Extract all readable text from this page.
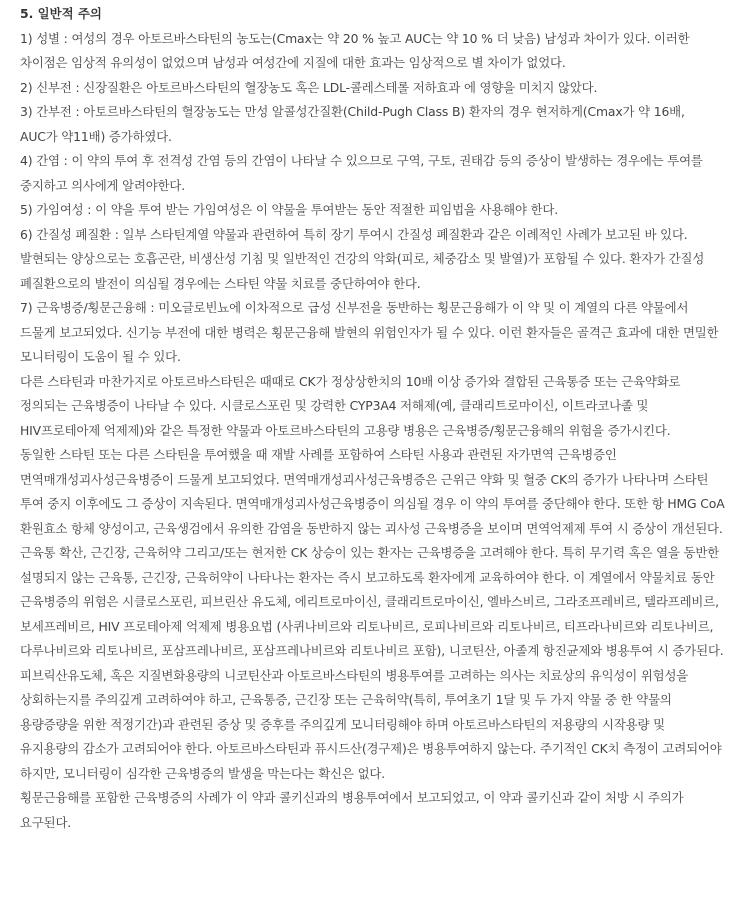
5. 일반적 주의

1) 성별 : 여성의 경우 아토르바스타틴의 농도는(Cmax는 약 20 % 높고 AUC는 약 10 % 더 낮음) 남성과 차이가 있다. 이러한 차이점은 임상적 유의성이 없었으며 남성과 여성간에 지질에 대한 효과는 임상적으로 별 차이가 없었다.

2) 신부전 : 신장질환은 아토르바스타틴의 혈장농도 혹은 LDL-콜레스테롤 저하효과 에 영향을 미치지 않았다.

3) 간부전 : 아토르바스타틴의 혈장농도는 만성 알콜성간질환(Child-Pugh Class B) 환자의 경우 현저하게(Cmax가 약 16배, AUC가 약11배) 증가하였다.

4) 간염 : 이 약의 투여 후 전격성 간염 등의 간염이 나타날 수 있으므로 구역, 구토, 권태감 등의 증상이 발생하는 경우에는 투여를 중지하고 의사에게 알려야한다.

5) 가임여성 : 이 약을 투여 받는 가임여성은 이 약물을 투여받는 동안 적절한 피임법을 사용해야 한다.

6) 간질성 폐질환 : 일부 스타틴계열 약물과 관련하여 특히 장기 투여시 간질성 폐질환과 같은 이례적인 사례가 보고된 바 있다. 발현되는 양상으로는 호흡곤란, 비생산성 기침 및 일반적인 건강의 악화(피로, 체중감소 및 발열)가 포함될 수 있다. 환자가 간질성 폐질환으로의 발전이 의심될 경우에는 스타틴 약물 치료를 중단하여야 한다.

7) 근육병증/횡문근융해 : 미오글로빈뇨에 이차적으로 급성 신부전을 동반하는 횡문근융해가 이 약 및 이 계열의 다른 약물에서 드물게 보고되었다. 신기능 부전에 대한 병력은 횡문근융해 발현의 위험인자가 될 수 있다. 이런 환자들은 골격근 효과에 대한 면밀한 모니터링이 도움이 될 수 있다.

다른 스타틴과 마찬가지로 아토르바스타틴은 때때로 CK가 정상상한치의 10배 이상 증가와 결합된 근육통증 또는 근육약화로 정의되는 근육병증이 나타날 수 있다. 시클로스포린 및 강력한 CYP3A4 저해제(예, 클래리트로마이신, 이트라코나졸 및 HIV프로테아제 억제제)와 같은 특정한 약물과 아토르바스타틴의 고용량 병용은 근육병증/횡문근융해의 위험을 증가시킨다.

동일한 스타틴 또는 다른 스타틴을 투여했을 때 재발 사례를 포함하여 스타틴 사용과 관련된 자가면역 근육병증인 면역매개성괴사성근육병증이 드물게 보고되었다. 면역매개성괴사성근육병증은 근위근 약화 및 혈중 CK의 증가가 나타나며 스타틴 투여 중지 이후에도 그 증상이 지속된다. 면역매개성괴사성근육병증이 의심될 경우 이 약의 투여를 중단해야 한다. 또한 항 HMG CoA 환원효소 항체 양성이고, 근육생검에서 유의한 감염을 동반하지 않는 괴사성 근육병증을 보이며 면역억제제 투여 시 증상이 개선된다.

근육통 확산, 근긴장, 근육허약 그리고/또는 현저한 CK 상승이 있는 환자는 근육병증을 고려해야 한다. 특히 무기력 혹은 열을 동반한 설명되지 않는 근육통, 근긴장, 근육허약이 나타나는 환자는 즉시 보고하도록 환자에게 교육하여야 한다. 이 계열에서 약물치료 동안 근육병증의 위험은 시클로스포린, 피브린산 유도체, 에리트로마이신, 클래리트로마이신, 엘바스비르, 그라조프레비르, 텔라프레비르, 보세프레비르, HIV 프로테아제 억제제 병용요법 (사퀴나비르와 리토나비르, 로피나비르와 리토나비르, 티프라나비르와 리토나비르, 다루나비르와 리토나비르, 포삼프레나비르, 포삼프레나비르와 리토나비르 포함), 니코틴산, 아졸계 항진균제와 병용투여 시 증가된다. 피브릭산유도체, 혹은 지질변화용량의 니코틴산과 아토르바스타틴의 병용투여를 고려하는 의사는 치료상의 유익성이 위험성을 상회하는지를 주의깊게 고려하여야 하고, 근육통증, 근긴장 또는 근육허약(특히, 투여초기 1달 및 두 가지 약물 중 한 약물의 용량증량을 위한 적정기간)과 관련된 증상 및 증후를 주의깊게 모니터링해야 하며 아토르바스타틴의 저용량의 시작용량 및 유지용량의 감소가 고려되어야 한다. 아토르바스타틴과 퓨시드산(경구제)은 병용투여하지 않는다. 주기적인 CK치 측정이 고려되어야 하지만, 모니터링이 심각한 근육병증의 발생을 막는다는 확신은 없다.

횡문근융해를 포함한 근육병증의 사례가 이 약과 콜키신과의 병용투여에서 보고되었고, 이 약과 콜키신과 같이 처방 시 주의가 요구된다.
